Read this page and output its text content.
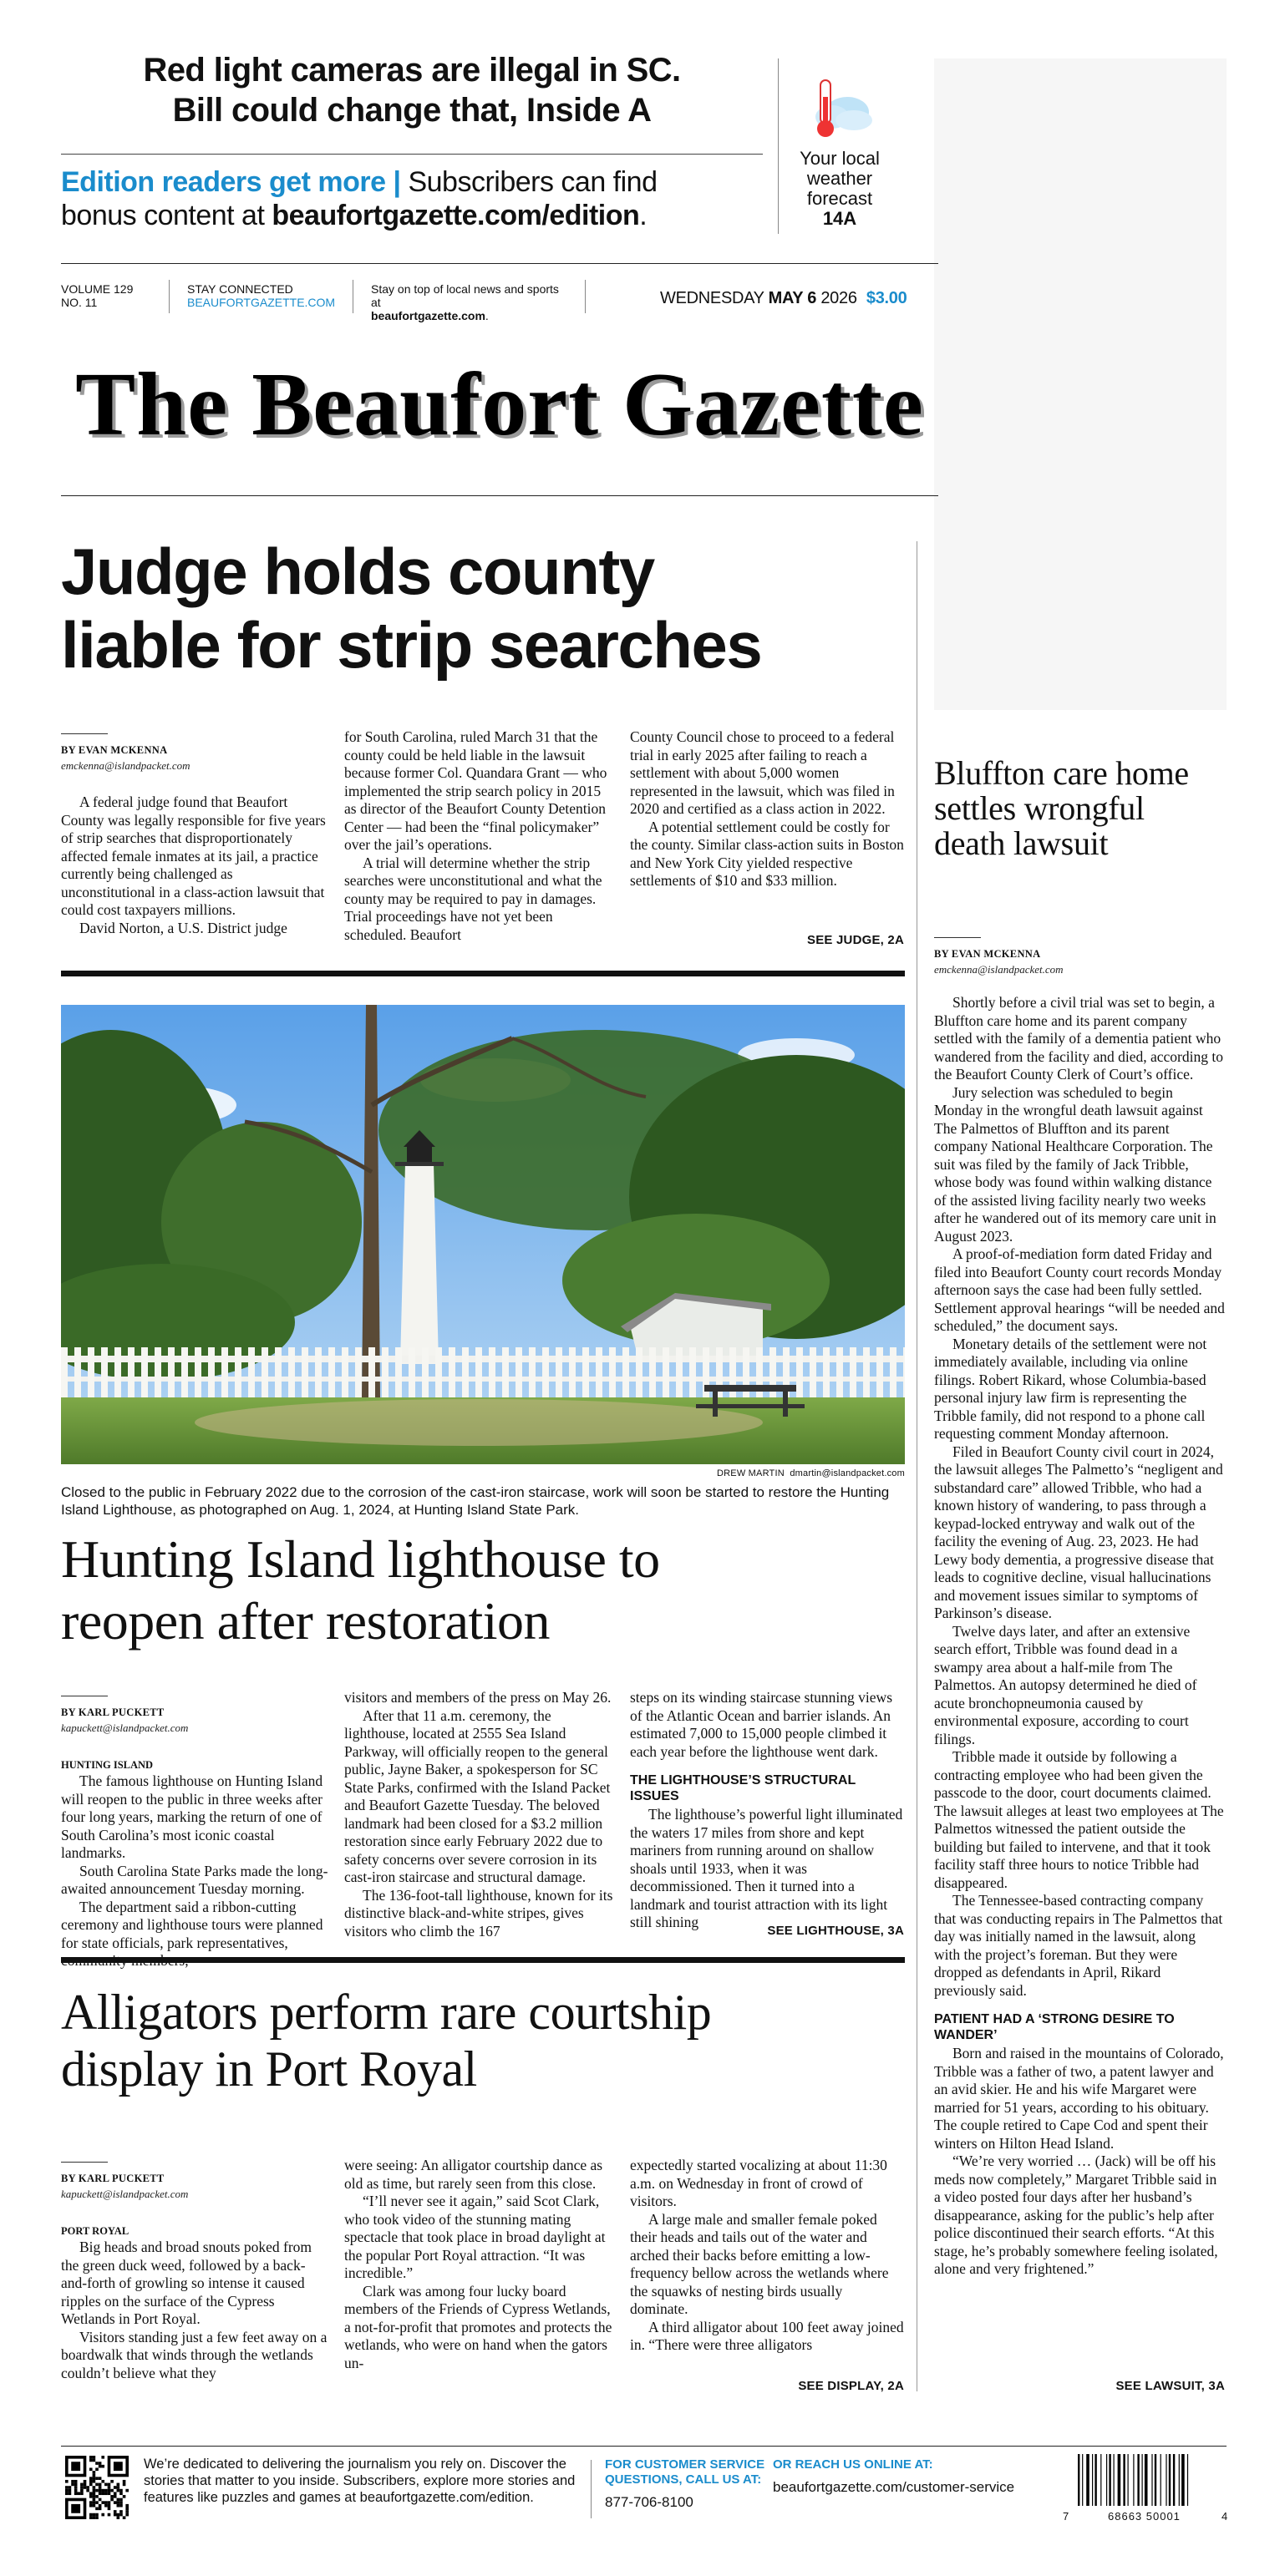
Red light cameras are illegal in SC.
Bill could change that, Inside A
Edition readers get more | Subscribers can find
bonus content at beaufortgazette.com/edition.
Your local
weather
forecast
14A
VOLUME 129
NO. 11
STAY CONNECTED
BEAUFORTGAZETTE.COM
Stay on top of local news and sports at
beaufortgazette.com.
WEDNESDAY MAY 6 2026 $3.00
The Beaufort Gazette
Judge holds county
liable for strip searches
BY EVAN MCKENNA
emckenna@islandpacket.com

A federal judge found that Beaufort County was legally responsible for five years of strip searches that disproportionately affected female inmates at its jail, a practice currently being challenged as unconstitutional in a class-action lawsuit that could cost taxpayers millions.

David Norton, a U.S. District judge

for South Carolina, ruled March 31 that the county could be held liable in the lawsuit because former Col. Quandara Grant — who implemented the strip search policy in 2015 as director of the Beaufort County Detention Center — had been the “final policymaker” over the jail’s operations.

A trial will determine whether the strip searches were unconstitutional and what the county may be required to pay in damages. Trial proceedings have not yet been scheduled. Beaufort

County Council chose to proceed to a federal trial in early 2025 after failing to reach a settlement with about 5,000 women represented in the lawsuit, which was filed in 2020 and certified as a class action in 2022.

A potential settlement could be costly for the county. Similar class-action suits in Boston and New York City yielded respective settlements of $10 and $33 million.

SEE JUDGE, 2A
DREW MARTIN dmartin@islandpacket.com
Closed to the public in February 2022 due to the corrosion of the cast-iron staircase, work will soon be started to restore the Hunting Island Lighthouse, as photographed on Aug. 1, 2024, at Hunting Island State Park.
Hunting Island lighthouse to
reopen after restoration
BY KARL PUCKETT
kapuckett@islandpacket.com
HUNTING ISLAND

The famous lighthouse on Hunting Island will reopen to the public in three weeks after four long years, marking the return of one of South Carolina’s most iconic coastal landmarks.

South Carolina State Parks made the long-awaited announcement Tuesday morning.

The department said a ribbon-cutting ceremony and lighthouse tours were planned for state officials, park representatives,

visitors and members of the press on May 26.

After that 11 a.m. ceremony, the lighthouse, located at 2555 Sea Island Parkway, will officially reopen to the general public, Jayne Baker, a spokesperson for SC State Parks, confirmed with the Island Packet and Beaufort Gazette Tuesday. The beloved landmark had been closed for a $3.2 million restoration since early February 2022 due to safety concerns over severe corrosion in its cast-iron staircase and structural damage.

The 136-foot-tall lighthouse, known for its distinctive black-and-white stripes, gives visitors who climb the 167

steps on its winding staircase stunning views of the Atlantic Ocean and barrier islands. An estimated 7,000 to 15,000 people climbed it each year before the lighthouse went dark.

THE LIGHTHOUSE’S STRUCTURAL ISSUES

The lighthouse’s powerful light illuminated the waters 17 miles from shore and kept mariners from running around on shallow shoals until 1933, when it was decommissioned. Then it turned into a landmark and tourist attraction with its light still shining

SEE LIGHTHOUSE, 3A
Alligators perform rare courtship
display in Port Royal
BY KARL PUCKETT
kapuckett@islandpacket.com
PORT ROYAL

Big heads and broad snouts poked from the green duck weed, followed by a back-and-forth of growling so intense it caused ripples on the surface of the Cypress Wetlands in Port Royal.

Visitors standing just a few feet away on a boardwalk that winds through the wetlands couldn’t believe what they

were seeing: An alligator courtship dance as old as time, but rarely seen from this close.

“I’ll never see it again,” said Scot Clark, who took video of the stunning mating spectacle that took place in broad daylight at the popular Port Royal attraction. “It was incredible.”

Clark was among four lucky board members of the Friends of Cypress Wetlands, a not-for-profit that promotes and protects the wetlands, who were on hand when the gators un-

expectedly started vocalizing at about 11:30 a.m. on Wednesday in front of crowd of visitors.

A large male and smaller female poked their heads and tails out of the water and arched their backs before emitting a low-frequency bellow across the wetlands where the squawks of nesting birds usually dominate.

A third alligator about 100 feet away joined in. “There were three alligators

SEE DISPLAY, 2A
Bluffton care home settles wrongful death lawsuit
BY EVAN MCKENNA
emckenna@islandpacket.com

Shortly before a civil trial was set to begin, a Bluffton care home and its parent company settled with the family of a dementia patient who wandered from the facility and died, according to the Beaufort County Clerk of Court’s office.

Jury selection was scheduled to begin Monday in the wrongful death lawsuit against The Palmettos of Bluffton and its parent company National Healthcare Corporation. The suit was filed by the family of Jack Tribble, whose body was found within walking distance of the assisted living facility nearly two weeks after he wandered out of its memory care unit in August 2023.

A proof-of-mediation form dated Friday and filed into Beaufort County court records Monday afternoon says the case had been fully settled. Settlement approval hearings “will be needed and scheduled,” the document says.

Monetary details of the settlement were not immediately available, including via online filings. Robert Rikard, whose Columbia-based personal injury law firm is representing the Tribble family, did not respond to a phone call requesting comment Monday afternoon.

Filed in Beaufort County civil court in 2024, the lawsuit alleges The Palmetto’s “negligent and substandard care” allowed Tribble, who had a known history of wandering, to pass through a keypad-locked entryway and walk out of the facility the evening of Aug. 23, 2023. He had Lewy body dementia, a progressive disease that leads to cognitive decline, visual hallucinations and movement issues similar to symptoms of Parkinson’s disease.

Twelve days later, and after an extensive search effort, Tribble was found dead in a swampy area about a half-mile from The Palmettos. An autopsy determined he died of acute bronchopneumonia caused by environmental exposure, according to court filings.

Tribble made it outside by following a contracting employee who had been given the passcode to the door, court documents claimed. The lawsuit alleges at least two employees at The Palmettos witnessed the patient outside the building but failed to intervene, and that it took facility staff three hours to notice Tribble had disappeared.

The Tennessee-based contracting company that was conducting repairs in The Palmettos that day was initially named in the lawsuit, along with the project’s foreman. But they were dropped as defendants in April, Rikard previously said.

PATIENT HAD A ‘STRONG DESIRE TO WANDER’

Born and raised in the mountains of Colorado, Tribble was a father of two, a patent lawyer and an avid skier. He and his wife Margaret were married for 51 years, according to his obituary. The couple retired to Cape Cod and spent their winters on Hilton Head Island.

“We’re very worried … (Jack) will be off his meds now completely,” Margaret Tribble said in a video posted four days after her husband’s disappearance, asking for the public’s help after police discontinued their search efforts. “At this stage, he’s probably somewhere feeling isolated, alone and very frightened.”

SEE LAWSUIT, 3A
We’re dedicated to delivering the journalism you rely on. Discover the stories that matter to you inside. Subscribers, explore more stories and features like puzzles and games at beaufortgazette.com/edition.
FOR CUSTOMER SERVICE
QUESTIONS, CALL US AT:
877-706-8100
OR REACH US ONLINE AT:
beaufortgazette.com/customer-service
7	68663 50001	4
